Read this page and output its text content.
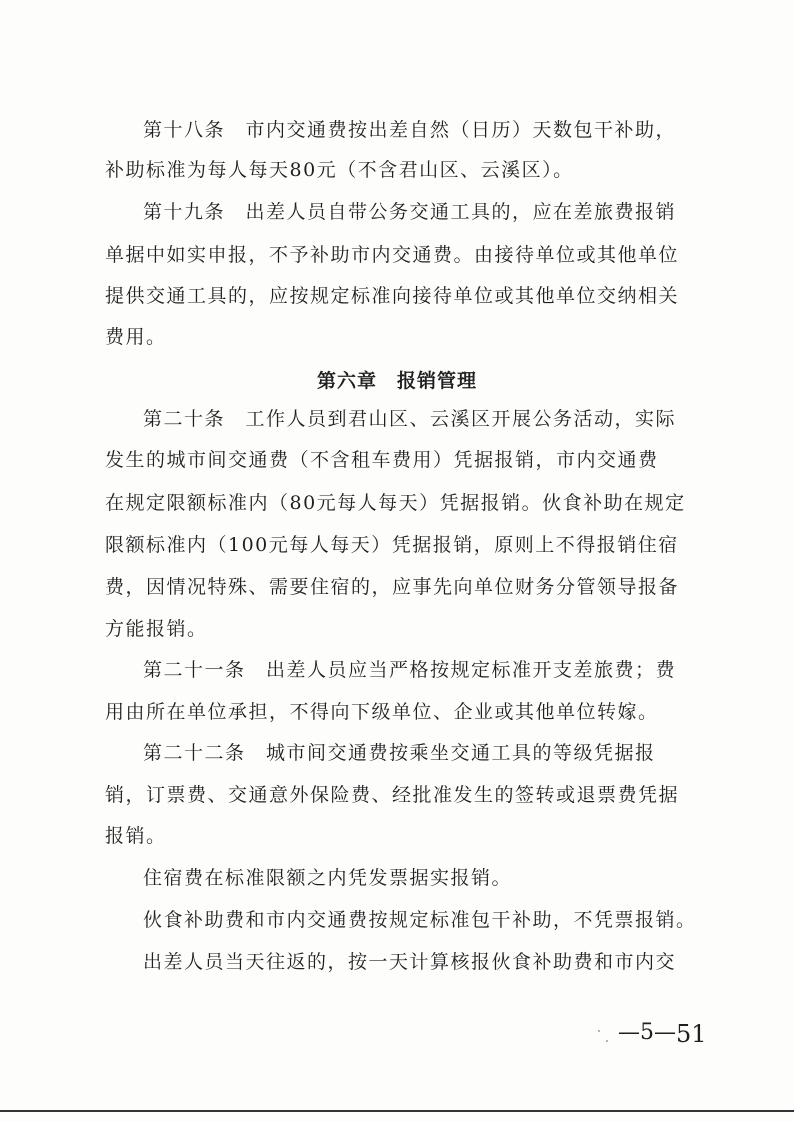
第十八条　市内交通费按出差自然（日历）天数包干补助，
补助标准为每人每天80元（不含君山区、云溪区）。
第十九条　出差人员自带公务交通工具的，应在差旅费报销
单据中如实申报，不予补助市内交通费。由接待单位或其他单位
提供交通工具的，应按规定标准向接待单位或其他单位交纳相关
费用。
第六章　报销管理
第二十条　工作人员到君山区、云溪区开展公务活动，实际
发生的城市间交通费（不含租车费用）凭据报销，市内交通费
在规定限额标准内（80元每人每天）凭据报销。伙食补助在规定
限额标准内（100元每人每天）凭据报销，原则上不得报销住宿
费，因情况特殊、需要住宿的，应事先向单位财务分管领导报备
方能报销。
第二十一条　出差人员应当严格按规定标准开支差旅费；费
用由所在单位承担，不得向下级单位、企业或其他单位转嫁。
第二十二条　城市间交通费按乘坐交通工具的等级凭据报
销，订票费、交通意外保险费、经批准发生的签转或退票费凭据
报销。
住宿费在标准限额之内凭发票据实报销。
伙食补助费和市内交通费按规定标准包干补助，不凭票报销。
出差人员当天往返的，按一天计算核报伙食补助费和市内交
—5— 51
